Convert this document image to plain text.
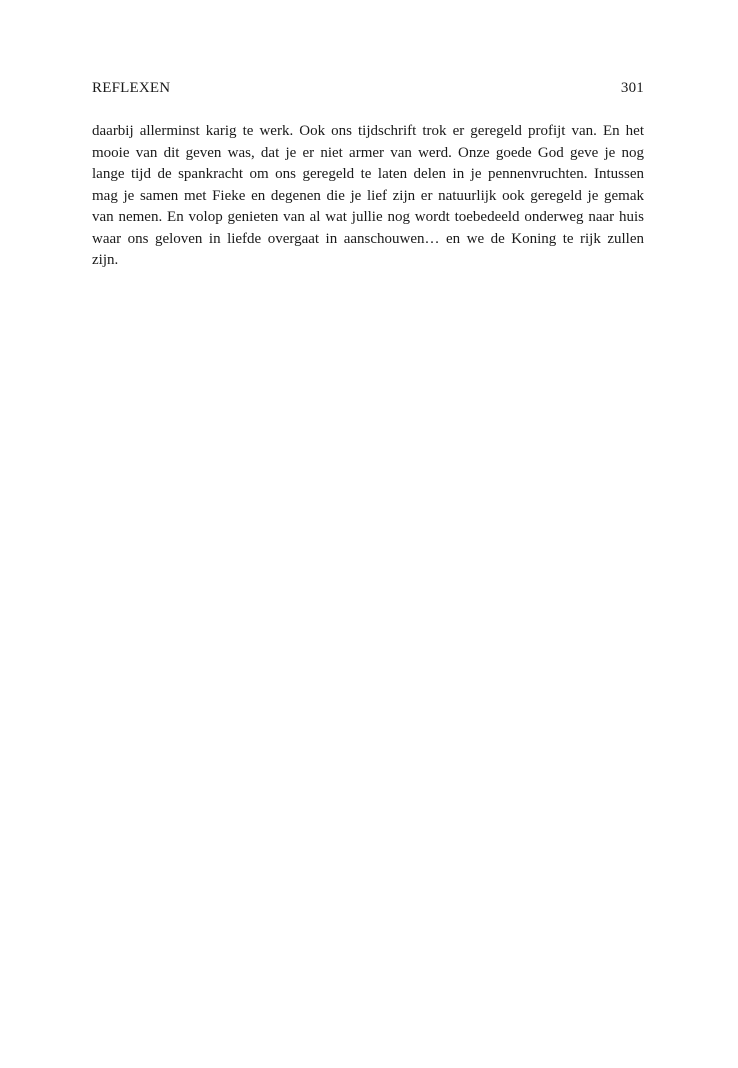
REFLEXEN	301
daarbij allerminst karig te werk. Ook ons tijdschrift trok er geregeld profijt van. En het
mooie van dit geven was, dat je er niet armer van werd. Onze goede God geve je nog
lange tijd de spankracht om ons geregeld te laten delen in je pennenvruchten. Intussen
mag je samen met Fieke en degenen die je lief zijn er natuurlijk ook geregeld je gemak
van nemen. En volop genieten van al wat jullie nog wordt toebedeeld onderweg naar huis
waar ons geloven in liefde overgaat in aanschouwen… en we de Koning te rijk zullen
zijn.
